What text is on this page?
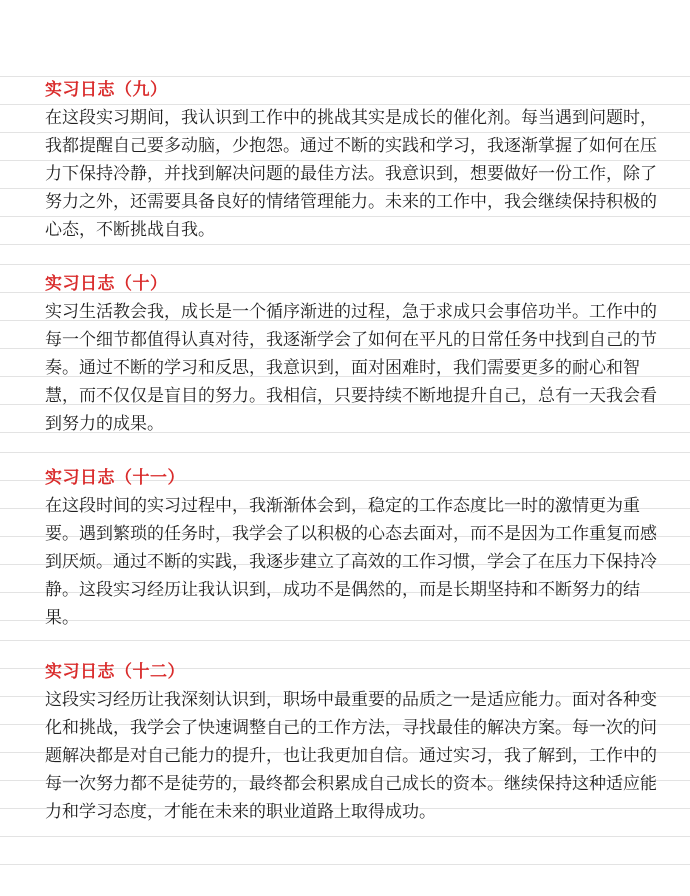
实习日志（九）
在这段实习期间，我认识到工作中的挑战其实是成长的催化剂。每当遇到问题时，我都提醒自己要多动脑，少抱怨。通过不断的实践和学习，我逐渐掌握了如何在压力下保持冷静，并找到解决问题的最佳方法。我意识到，想要做好一份工作，除了努力之外，还需要具备良好的情绪管理能力。未来的工作中，我会继续保持积极的心态，不断挑战自我。
实习日志（十）
实习生活教会我，成长是一个循序渐进的过程，急于求成只会事倍功半。工作中的每一个细节都值得认真对待，我逐渐学会了如何在平凡的日常任务中找到自己的节奏。通过不断的学习和反思，我意识到，面对困难时，我们需要更多的耐心和智慧，而不仅仅是盲目的努力。我相信，只要持续不断地提升自己，总有一天我会看到努力的成果。
实习日志（十一）
在这段时间的实习过程中，我渐渐体会到，稳定的工作态度比一时的激情更为重要。遇到繁琐的任务时，我学会了以积极的心态去面对，而不是因为工作重复而感到厌烦。通过不断的实践，我逐步建立了高效的工作习惯，学会了在压力下保持冷静。这段实习经历让我认识到，成功不是偶然的，而是长期坚持和不断努力的结果。
实习日志（十二）
这段实习经历让我深刻认识到，职场中最重要的品质之一是适应能力。面对各种变化和挑战，我学会了快速调整自己的工作方法，寻找最佳的解决方案。每一次的问题解决都是对自己能力的提升，也让我更加自信。通过实习，我了解到，工作中的每一次努力都不是徒劳的，最终都会积累成自己成长的资本。继续保持这种适应能力和学习态度，才能在未来的职业道路上取得成功。
